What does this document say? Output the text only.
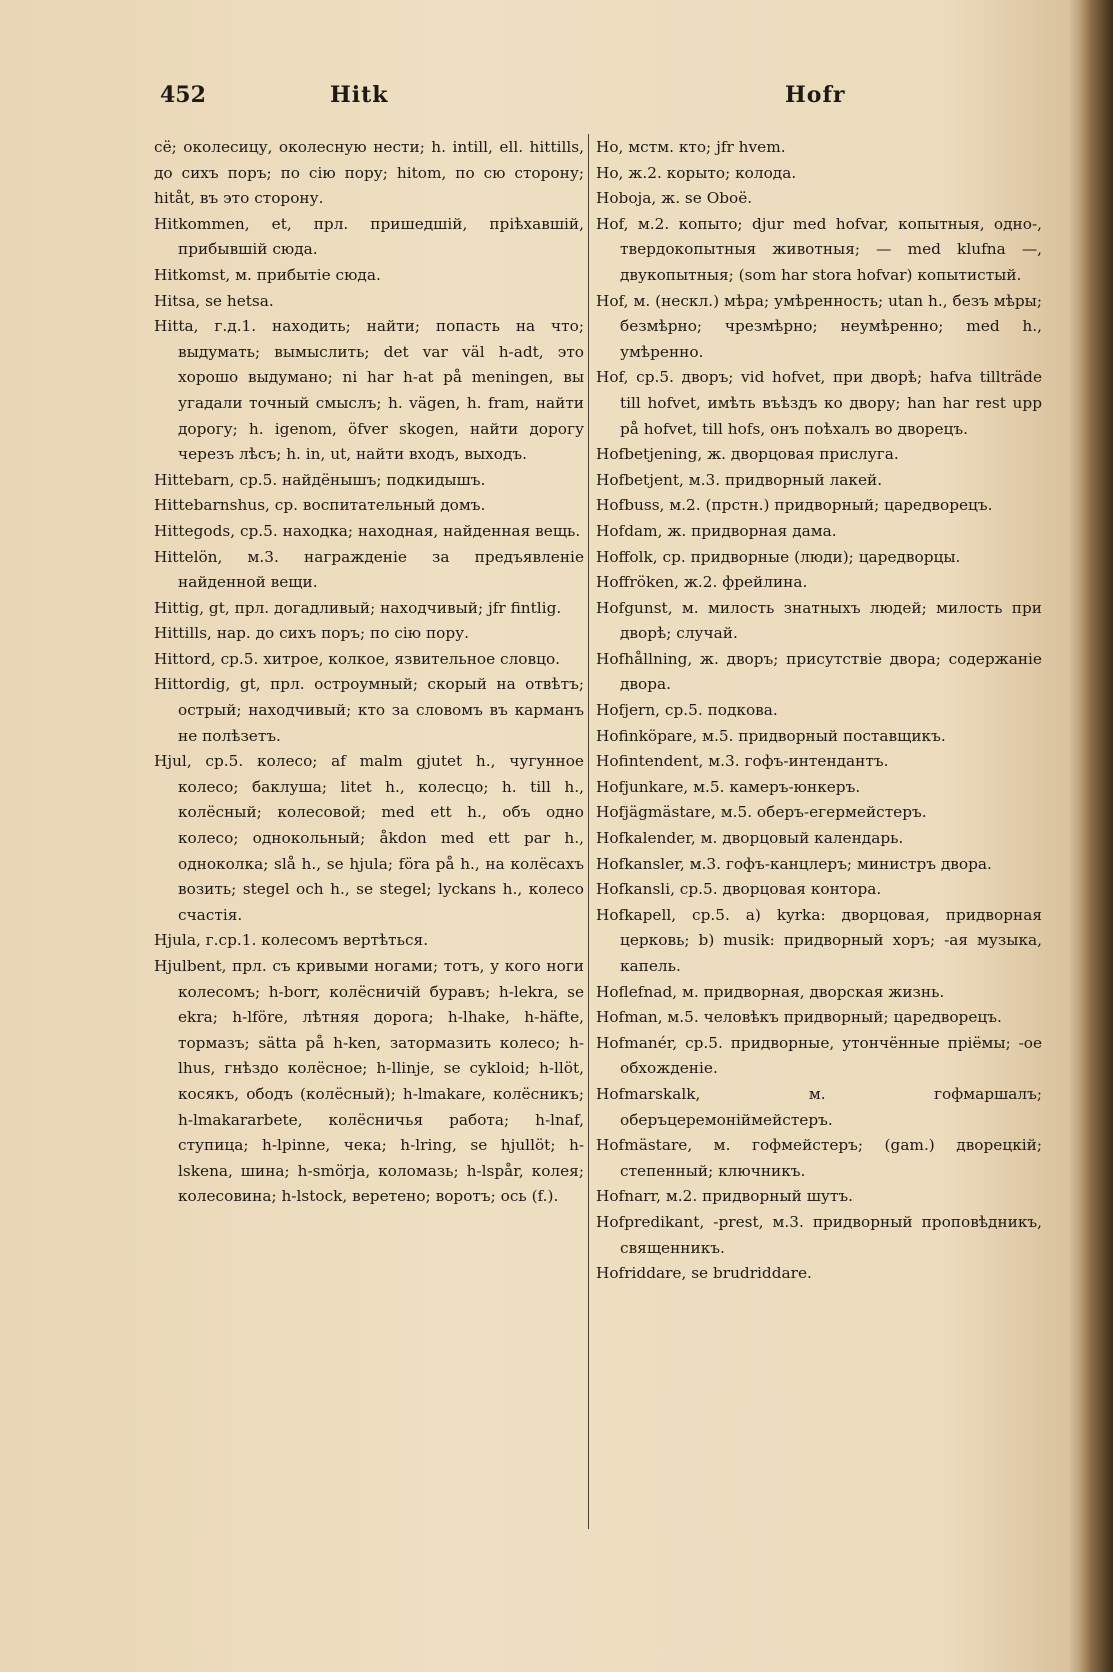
452	Hitk	Hofr

сё; околесицу, околесную нести; h. intill, ell. hittills, до сихъ поръ; по сію пору; hitom, по сю сторону; hitåt, въ это сторону.

Hitkommen, et, прл. пришедшій, пріѣхавшій, прибывшій сюда.

Hitkomst, м. прибытіе сюда.

Hitsa, se hetsa.

Hitta, г.д.1. находить; найти; попасть на что; выдумать; вымыслить; det var väl h-adt, это хорошо выдумано; ni har h-at på meningen, вы угадали точный смыслъ; h. vägen, h. fram, найти дорогу; h. igenom, öfver skogen, найти дорогу черезъ лѣсъ; h. in, ut, найти входъ, выходъ.

Hittebarn, ср.5. найдёнышъ; подкидышъ.

Hittebarnshus, ср. воспитательный домъ.

Hittegods, ср.5. находка; находная, найденная вещь.

Hittelön, м.3. награжденіе за предъявленіе найденной вещи.

Hittig, gt, прл. догадливый; находчивый; jfr fintlig.

Hittills, нар. до сихъ поръ; по сію пору.

Hittord, ср.5. хитрое, колкое, язвительное словцо.

Hittordig, gt, прл. остроумный; скорый на отвѣтъ; острый; находчивый; кто за словомъ въ карманъ не полѣзетъ.

Hjul, ср.5. колесо; af malm gjutet h., чугунное колесо; баклуша; litet h., колесцо; h. till h., колёсный; колесовой; med ett h., объ одно колесо; однокольный; åkdon med ett par h., одноколка; slå h., se hjula; föra på h., на колёсахъ возить; stegel och h., se stegel; lyckans h., колесо счастія.

Hjula, г.ср.1. колесомъ вертѣться.

Hjulbent, прл. съ кривыми ногами; тотъ, у кого ноги колесомъ; h-borr, колёсничій буравъ; h-lekra, se ekra; h-lföre, лѣтняя дорога; h-lhake, h-häfte, тормазъ; sätta på h-ken, затормазить колесо; h-lhus, гнѣздо колёсное; h-llinje, se cykloid; h-llöt, косякъ, ободъ (колёсный); h-lmakare, колёсникъ; h-lmakararbete, колёсничья работа; h-lnaf, ступица; h-lpinne, чека; h-lring, se hjullöt; h-lskena, шина; h-smörja, коломазь; h-lspår, колея; колесовина; h-lstock, веретено; воротъ; ось (f.).

Ho, мстм. кто; jfr hvem.

Ho, ж.2. корыто; колода.

Hoboja, ж. se Oboë.

Hof, м.2. копыто; djur med hofvar, копытныя, одно-, твердокопытныя животныя; — med klufna —, двукопытныя; (som har stora hofvar) копытистый.

Hof, м. (нескл.) мѣра; умѣренность; utan h., безъ мѣры; безмѣрно; чрезмѣрно; неумѣренно; med h., умѣренно.

Hof, ср.5. дворъ; vid hofvet, при дворѣ; hafva tillträde till hofvet, имѣть въѣздъ ко двору; han har rest upp på hofvet, till hofs, онъ поѣхалъ во дворецъ.

Hofbetjening, ж. дворцовая прислуга.

Hofbetjent, м.3. придворный лакей.

Hofbuss, м.2. (прстн.) придворный; царедворецъ.

Hofdam, ж. придворная дама.

Hoffolk, ср. придворные (люди); царедворцы.

Hoffröken, ж.2. фрейлина.

Hofgunst, м. милость знатныхъ людей; милость при дворѣ; случай.

Hofhållning, ж. дворъ; присутствіе двора; содержаніе двора.

Hofjern, ср.5. подкова.

Hofinköpare, м.5. придворный поставщикъ.

Hofintendent, м.3. гофъ-интендантъ.

Hofjunkare, м.5. камеръ-юнкеръ.

Hofjägmästare, м.5. оберъ-егермейстеръ.

Hofkalender, м. дворцовый календарь.

Hofkansler, м.3. гофъ-канцлеръ; министръ двора.

Hofkansli, ср.5. дворцовая контора.

Hofkapell, ср.5. a) kyrka: дворцовая, придворная церковь; b) musik: придворный хоръ; -ая музыка, капель.

Hoflefnad, м. придворная, дворская жизнь.

Hofman, м.5. человѣкъ придворный; царедворецъ.

Hofmanér, ср.5. придворные, утончённые пріёмы; -ое обхожденіе.

Hofmarskalk, м. гофмаршалъ; оберъцеремоніймейстеръ.

Hofmästare, м. гофмейстеръ; (gam.) дворецкій; степенный; ключникъ.

Hofnarr, м.2. придворный шутъ.

Hofpredikant, -prest, м.3. придворный проповѣдникъ, священникъ.

Hofriddare, se brudriddare.
